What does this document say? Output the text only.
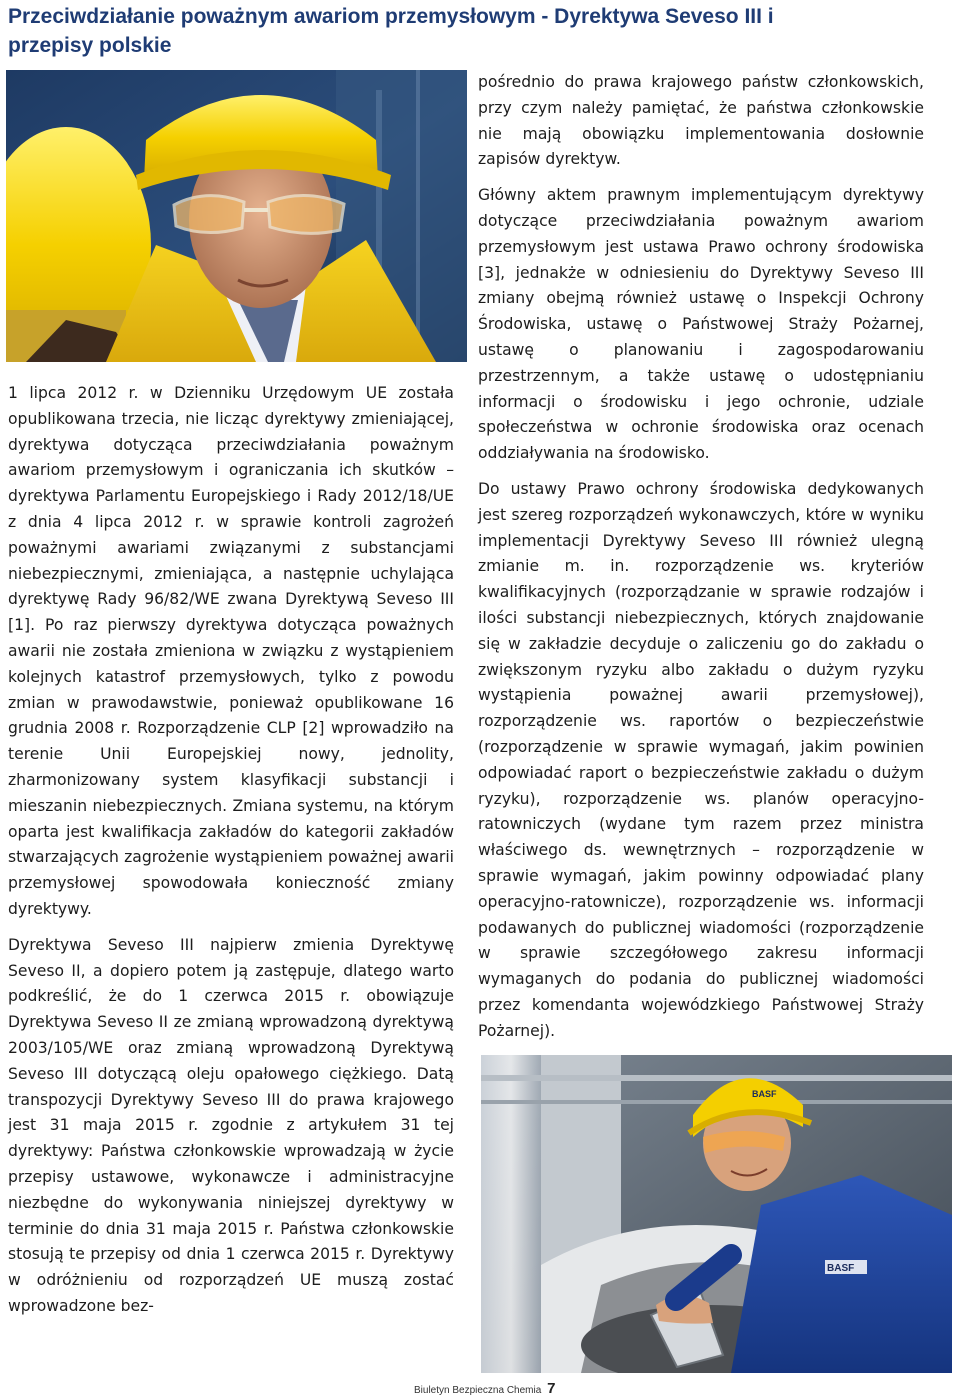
Przeciwdziałanie poważnym awariom przemysłowym - Dyrektywa Seveso III i przepisy polskie

1 lipca 2012 r. w Dzienniku Urzędowym UE została opublikowana trzecia, nie licząc dyrektywy zmieniającej, dyrektywa dotycząca przeciwdziałania poważnym awariom przemysłowym i ograniczania ich skutków – dyrektywa Parlamentu Europejskiego i Rady 2012/18/UE z dnia 4 lipca 2012 r. w sprawie kontroli zagrożeń poważnymi awariami związanymi z substancjami niebezpiecznymi, zmieniająca, a następnie uchylająca dyrektywę Rady 96/82/WE zwana Dyrektywą Seveso III [1]. Po raz pierwszy dyrektywa dotycząca poważnych awarii nie została zmieniona w związku z wystąpieniem kolejnych katastrof przemysłowych, tylko z powodu zmian w prawodawstwie, ponieważ opublikowane 16 grudnia 2008 r. Rozporządzenie CLP [2] wprowadziło na terenie Unii Europejskiej nowy, jednolity, zharmonizowany system klasyfikacji substancji i mieszanin niebezpiecznych. Zmiana systemu, na którym oparta jest kwalifikacja zakładów do kategorii zakładów stwarzających zagrożenie wystąpieniem poważnej awarii przemysłowej spowodowała konieczność zmiany dyrektywy.

Dyrektywa Seveso III najpierw zmienia Dyrektywę Seveso II, a dopiero potem ją zastępuje, dlatego warto podkreślić, że do 1 czerwca 2015 r. obowiązuje Dyrektywa Seveso II ze zmianą wprowadzoną dyrektywą 2003/105/WE oraz zmianą wprowadzoną Dyrektywą Seveso III dotyczącą oleju opałowego ciężkiego. Datą transpozycji Dyrektywy Seveso III do prawa krajowego jest 31 maja 2015 r. zgodnie z artykułem 31 tej dyrektywy: Państwa członkowskie wprowadzają w życie przepisy ustawowe, wykonawcze i administracyjne niezbędne do wykonywania niniejszej dyrektywy w terminie do dnia 31 maja 2015 r. Państwa członkowskie stosują te przepisy od dnia 1 czerwca 2015 r. Dyrektywy w odróżnieniu od rozporządzeń UE muszą zostać wprowadzone bez-

pośrednio do prawa krajowego państw członkowskich, przy czym należy pamiętać, że państwa członkowskie nie mają obowiązku implementowania dosłownie zapisów dyrektyw.

Główny aktem prawnym implementującym dyrektywy dotyczące przeciwdziałania poważnym awariom przemysłowym jest ustawa Prawo ochrony środowiska [3], jednakże w odniesieniu do Dyrektywy Seveso III zmiany obejmą również ustawę o Inspekcji Ochrony Środowiska, ustawę o Państwowej Straży Pożarnej, ustawę o planowaniu i zagospodarowaniu przestrzennym, a także ustawę o udostępnianiu informacji o środowisku i jego ochronie, udziale społeczeństwa w ochronie środowiska oraz ocenach oddziaływania na środowisko.

Do ustawy Prawo ochrony środowiska dedykowanych jest szereg rozporządzeń wykonawczych, które w wyniku implementacji Dyrektywy Seveso III również ulegną zmianie m. in. rozporządzenie ws. kryteriów kwalifikacyjnych (rozporządzanie w sprawie rodzajów i ilości substancji niebezpiecznych, których znajdowanie się w zakładzie decyduje o zaliczeniu go do zakładu o zwiększonym ryzyku albo zakładu o dużym ryzyku wystąpienia poważnej awarii przemysłowej), rozporządzenie ws. raportów o bezpieczeństwie (rozporządzenie w sprawie wymagań, jakim powinien odpowiadać raport o bezpieczeństwie zakładu o dużym ryzyku), rozporządzenie ws. planów operacyjno-ratowniczych (wydane tym razem przez ministra właściwego ds. wewnętrznych – rozporządzenie w sprawie wymagań, jakim powinny odpowiadać plany operacyjno-ratownicze), rozporządzenie ws. informacji podawanych do publicznej wiadomości (rozporządzenie w sprawie szczegółowego zakresu informacji wymaganych do podania do publicznej wiadomości przez komendanta wojewódzkiego Państwowej Straży Pożarnej).

BASF
BASF
Biuletyn Bezpieczna Chemia 7
